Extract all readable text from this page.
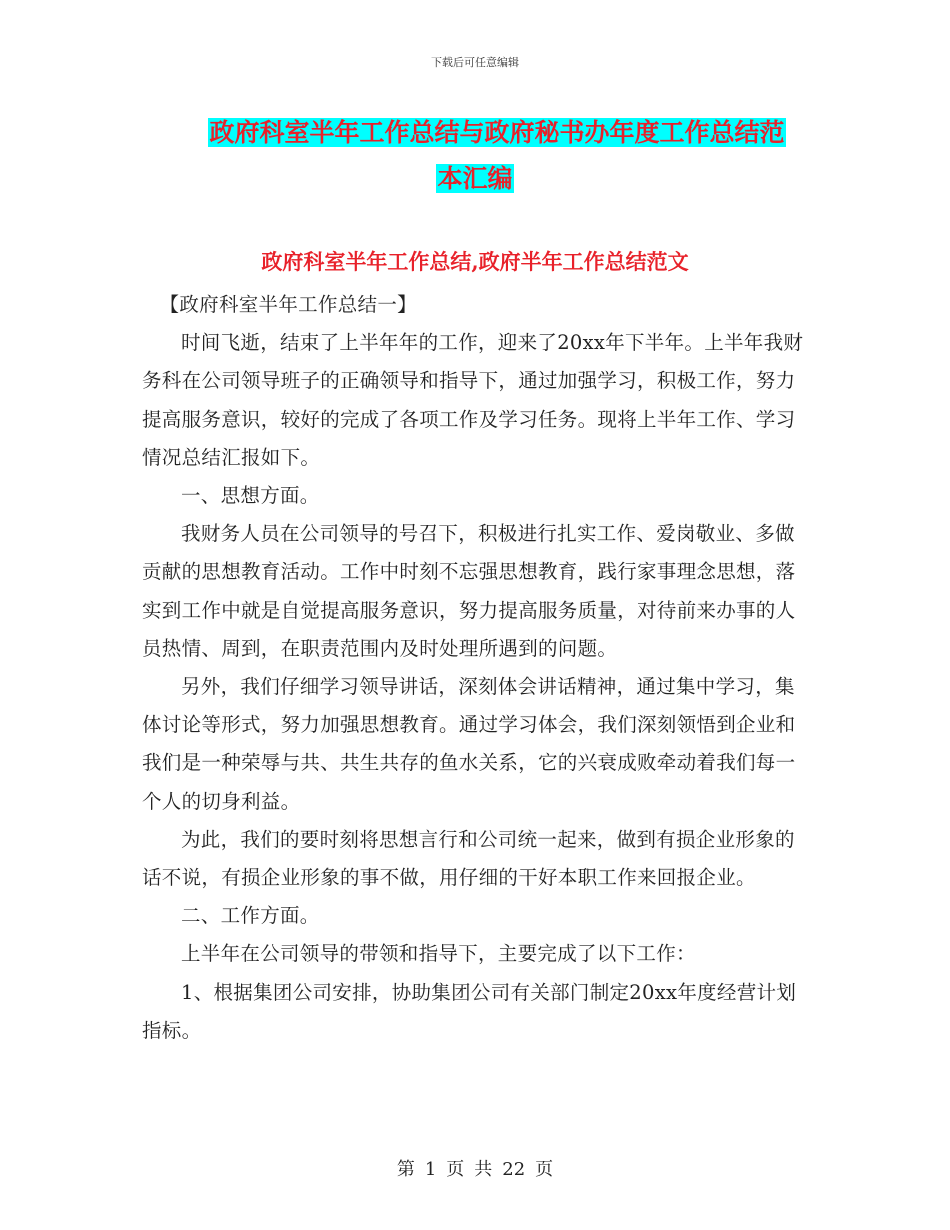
下载后可任意编辑
政府科室半年工作总结与政府秘书办年度工作总结范
本汇编
政府科室半年工作总结,政府半年工作总结范文

【政府科室半年工作总结一】

时间飞逝，结束了上半年年的工作，迎来了20xx年下半年。上半年我财务科在公司领导班子的正确领导和指导下，通过加强学习，积极工作，努力提高服务意识，较好的完成了各项工作及学习任务。现将上半年工作、学习情况总结汇报如下。

一、思想方面。

我财务人员在公司领导的号召下，积极进行扎实工作、爱岗敬业、多做贡献的思想教育活动。工作中时刻不忘强思想教育，践行家事理念思想，落实到工作中就是自觉提高服务意识，努力提高服务质量，对待前来办事的人员热情、周到，在职责范围内及时处理所遇到的问题。

另外，我们仔细学习领导讲话，深刻体会讲话精神，通过集中学习，集体讨论等形式，努力加强思想教育。通过学习体会，我们深刻领悟到企业和我们是一种荣辱与共、共生共存的鱼水关系，它的兴衰成败牵动着我们每一个人的切身利益。

为此，我们的要时刻将思想言行和公司统一起来，做到有损企业形象的话不说，有损企业形象的事不做，用仔细的干好本职工作来回报企业。

二、工作方面。

上半年在公司领导的带领和指导下，主要完成了以下工作：

1、根据集团公司安排，协助集团公司有关部门制定20xx年度经营计划指标。

第 1 页 共 22 页
